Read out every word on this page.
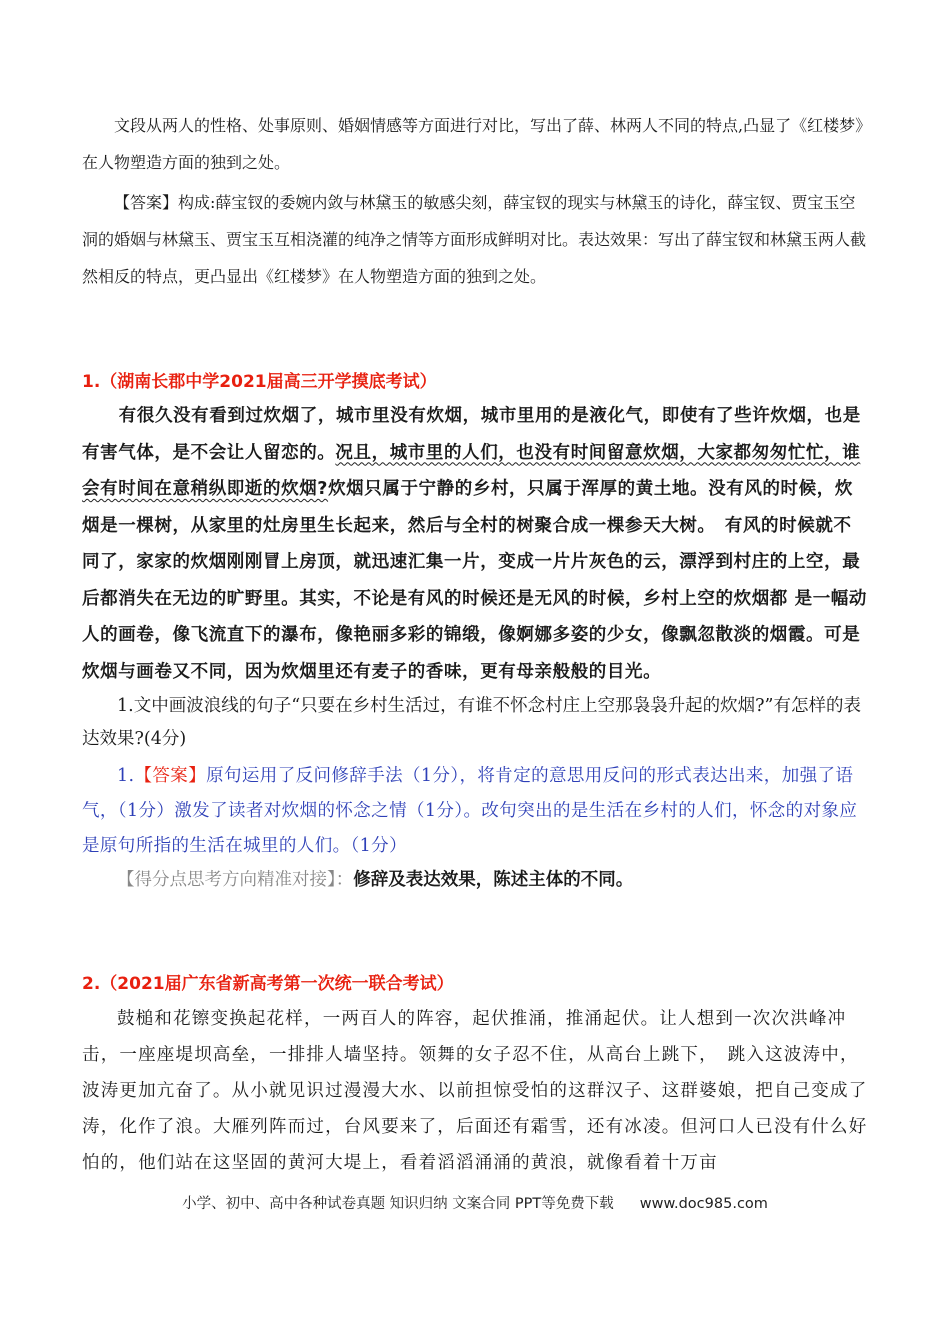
文段从两人的性格、处事原则、婚姻情感等方面进行对比，写出了薛、林两人不同的特点,凸显了《红楼梦》在人物塑造方面的独到之处。

【答案】构成:薛宝钗的委婉内敛与林黛玉的敏感尖刻，薛宝钗的现实与林黛玉的诗化，薛宝钗、贾宝玉空洞的婚姻与林黛玉、贾宝玉互相浇灌的纯净之情等方面形成鲜明对比。表达效果：写出了薛宝钗和林黛玉两人截然相反的特点，更凸显出《红楼梦》在人物塑造方面的独到之处。

1.（湖南长郡中学2021届高三开学摸底考试）

有很久没有看到过炊烟了，城市里没有炊烟，城市里用的是液化气，即使有了些许炊烟，也是有害气体，是不会让人留恋的。况且，城市里的人们，也没有时间留意炊烟，大家都匆匆忙忙，谁会有时间在意稍纵即逝的炊烟?炊烟只属于宁静的乡村，只属于浑厚的黄土地。没有风的时候，炊烟是一棵树，从家里的灶房里生长起来，然后与全村的树聚合成一棵参天大树。　有风的时候就不同了，家家的炊烟刚刚冒上房顶，就迅速汇集一片，变成一片片灰色的云，漂浮到村庄的上空，最后都消失在无边的旷野里。其实，不论是有风的时候还是无风的时候，乡村上空的炊烟都 是一幅动人的画卷，像飞流直下的瀑布，像艳丽多彩的锦缎，像婀娜多姿的少女，像飘忽散淡的烟霞。可是炊烟与画卷又不同，因为炊烟里还有麦子的香味，更有母亲般般的目光。

1.文中画波浪线的句子“只要在乡村生活过，有谁不怀念村庄上空那袅袅升起的炊烟?”有怎样的表达效果?(4分)

1.【答案】原句运用了反问修辞手法（1分），将肯定的意思用反问的形式表达出来，加强了语气，（1分）激发了读者对炊烟的怀念之情（1分）。改句突出的是生活在乡村的人们，怀念的对象应是原句所指的生活在城里的人们。（1分）

【得分点思考方向精准对接】：修辞及表达效果，陈述主体的不同。

2.（2021届广东省新高考第一次统一联合考试）

鼓槌和花镲变换起花样，一两百人的阵容，起伏推涌，推涌起伏。让人想到一次次洪峰冲击，一座座堤坝高垒，一排排人墙坚持。领舞的女子忍不住，从高台上跳下，　跳入这波涛中，波涛更加亢奋了。从小就见识过漫漫大水、以前担惊受怕的这群汉子、这群婆娘，把自己变成了涛，化作了浪。大雁列阵而过，台风要来了，后面还有霜雪，还有冰凌。但河口人已没有什么好怕的，他们站在这坚固的黄河大堤上，看着滔滔涌涌的黄浪，就像看着十万亩

小学、初中、高中各种试卷真题 知识归纳 文案合同 PPT等免费下载 www.doc985.com
